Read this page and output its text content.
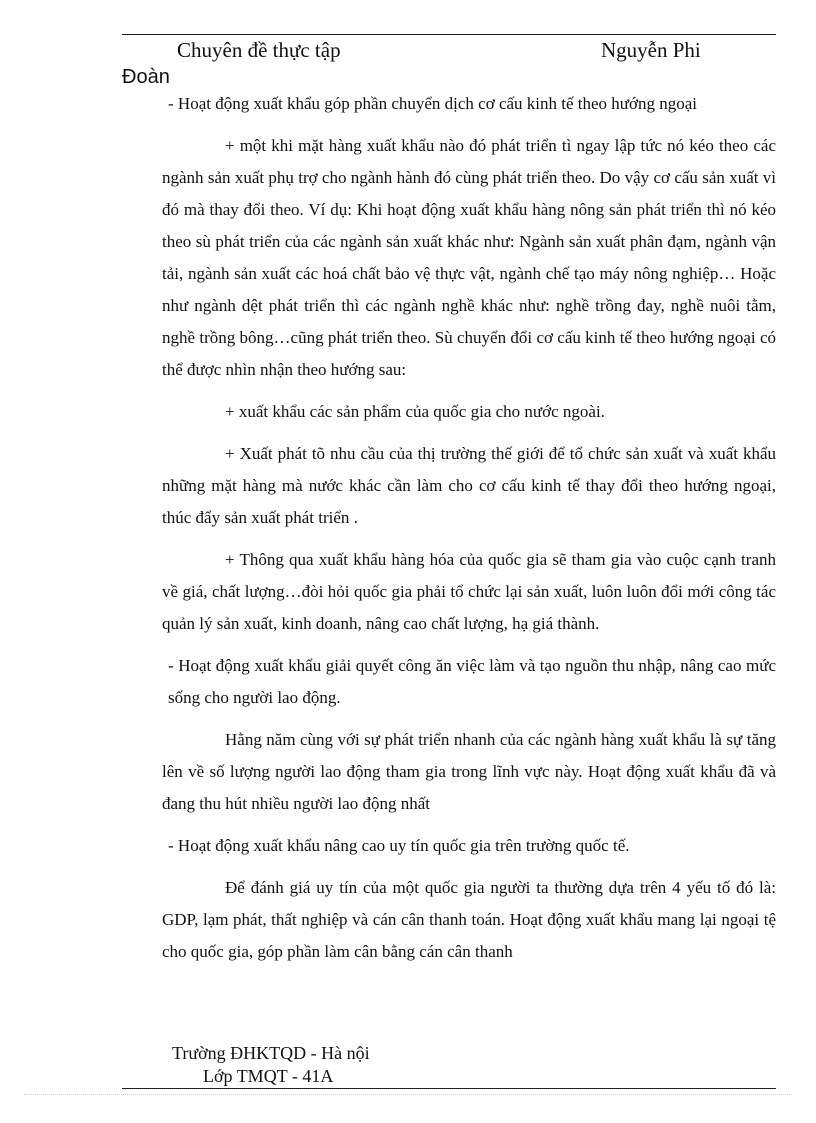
Chuyên đề thực tập	Nguyễn Phi
Đoàn

- Hoạt động xuất khẩu góp phần chuyển dịch cơ cấu kinh tế theo hướng ngoại

+ một khi mặt hàng xuất khẩu nào đó phát triển tì ngay lập tức nó kéo theo các ngành sản xuất phụ trợ cho ngành hành đó cùng phát triển theo. Do vậy cơ cấu sản xuất vì đó mà thay đổi theo. Ví dụ: Khi hoạt động xuất khẩu hàng nông sản phát triển thì nó kéo theo sù phát triển của các ngành sản xuất khác như: Ngành sản xuất phân đạm, ngành vận tải, ngành sản xuất các hoá chất bảo vệ thực vật, ngành chế tạo máy nông nghiệp… Hoặc như ngành dệt phát triển thì các ngành nghề khác như: nghề trồng đay, nghề nuôi tằm, nghề trồng bông…cũng phát triển theo. Sù chuyển đổi cơ cấu kinh tế theo hướng ngoại có thể được nhìn nhận theo hướng sau:

+ xuất khẩu các sản phẩm của quốc gia cho nước ngoài.

+ Xuất phát tõ nhu cầu của thị trường thế giới để tổ chức sản xuất và xuất khẩu những mặt hàng mà nước khác cần làm cho cơ cấu kinh tế thay đổi theo hướng ngoại, thúc đẩy sản xuất phát triển .

+ Thông qua xuất khẩu hàng hóa của quốc gia sẽ tham gia vào cuộc cạnh tranh về giá, chất lượng…đòi hỏi quốc gia phải tổ chức lại sản xuất, luôn luôn đổi mới công tác quản lý sản xuất, kinh doanh, nâng cao chất lượng, hạ giá thành.

- Hoạt động xuất khẩu giải quyết công ăn việc làm và tạo nguồn thu nhập, nâng cao mức sống cho người lao động.

Hằng năm cùng với sự phát triển nhanh của các ngành hàng xuất khẩu là sự tăng lên về số lượng người lao động tham gia trong lĩnh vực này. Hoạt động xuất khẩu đã và đang thu hút nhiều người lao động nhất

- Hoạt động xuất khẩu nâng cao uy tín quốc gia trên trường quốc tế.

Để đánh giá uy tín của một quốc gia người ta thường dựa trên 4 yếu tố đó là: GDP, lạm phát, thất nghiệp và cán cân thanh toán. Hoạt động xuất khẩu mang lại ngoại tệ cho quốc gia, góp phần làm cân bằng cán cân thanh

Trường ĐHKTQD - Hà nội
Lớp TMQT - 41A
